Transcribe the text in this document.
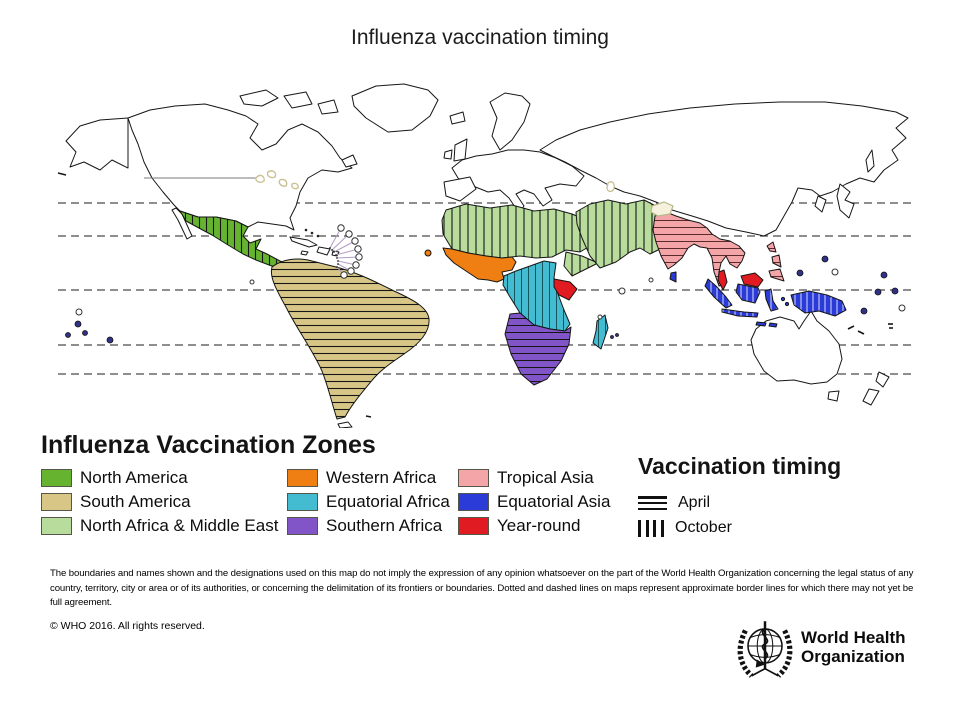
Influenza vaccination timing
Influenza Vaccination Zones
North America
South America
North Africa & Middle East
Western Africa
Equatorial Africa
Southern Africa
Tropical Asia
Equatorial Asia
Year-round
Vaccination timing
April
October
The boundaries and names shown and the designations used on this map do not imply the expression of any opinion whatsoever on the part of the World Health Organization concerning the legal status of any country, territory, city or area or of its authorities, or concerning the delimitation of its frontiers or boundaries. Dotted and dashed lines on maps represent approximate border lines for which there may not yet be full agreement.
© WHO 2016. All rights reserved.
World Health
Organization
